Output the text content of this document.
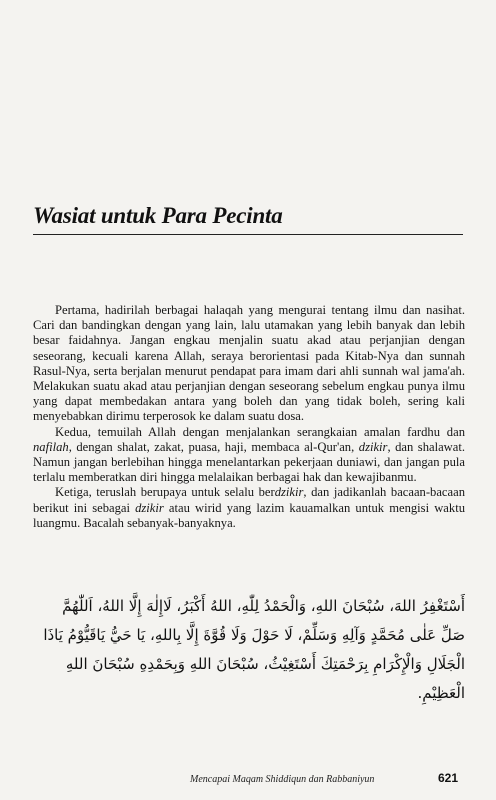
Wasiat untuk Para Pecinta

Pertama, hadirilah berbagai halaqah yang mengurai tentang ilmu dan nasihat. Cari dan bandingkan dengan yang lain, lalu utamakan yang lebih banyak dan lebih besar faidahnya. Jangan engkau menjalin suatu akad atau perjanjian dengan seseorang, kecuali karena Allah, seraya berorientasi pada Kitab-Nya dan sunnah Rasul-Nya, serta berjalan menurut pendapat para imam dari ahli sunnah wal jama'ah. Melakukan suatu akad atau perjanjian dengan seseorang sebelum engkau punya ilmu yang dapat membedakan antara yang boleh dan yang tidak boleh, sering kali menyebabkan dirimu terperosok ke dalam suatu dosa.

Kedua, temuilah Allah dengan menjalankan serangkaian amalan fardhu dan nafilah, dengan shalat, zakat, puasa, haji, membaca al-Qur'an, dzikir, dan shalawat. Namun jangan berlebihan hingga menelantarkan pekerjaan duniawi, dan jangan pula terlalu memberatkan diri hingga melalaikan berbagai hak dan kewajibanmu.

Ketiga, teruslah berupaya untuk selalu berdzikir, dan jadikanlah bacaan-bacaan berikut ini sebagai dzikir atau wirid yang lazim kauamalkan untuk mengisi waktu luangmu. Bacalah sebanyak-banyaknya.

أَسْتَغْفِرُ اللهَ، سُبْحَانَ اللهِ، وَالْحَمْدُ لِلّٰهِ، اللهُ أَكْبَرُ، لَاإِلٰهَ إِلَّا اللهُ، اَللّٰهُمَّ
صَلِّ عَلٰى مُحَمَّدٍ وَآلِهِ وَسَلِّمْ، لَا حَوْلَ وَلَا قُوَّةَ إِلَّا بِاللهِ، يَا حَيُّ يَاقَيُّوْمُ يَاذَا
الْجَلَالِ وَالْإِكْرَامِ بِرَحْمَتِكَ أَسْتَغِيْثُ، سُبْحَانَ اللهِ وَبِحَمْدِهِ سُبْحَانَ اللهِ
الْعَظِيْمِ.
Mencapai Maqam Shiddiqun dan Rabbaniyun	621
